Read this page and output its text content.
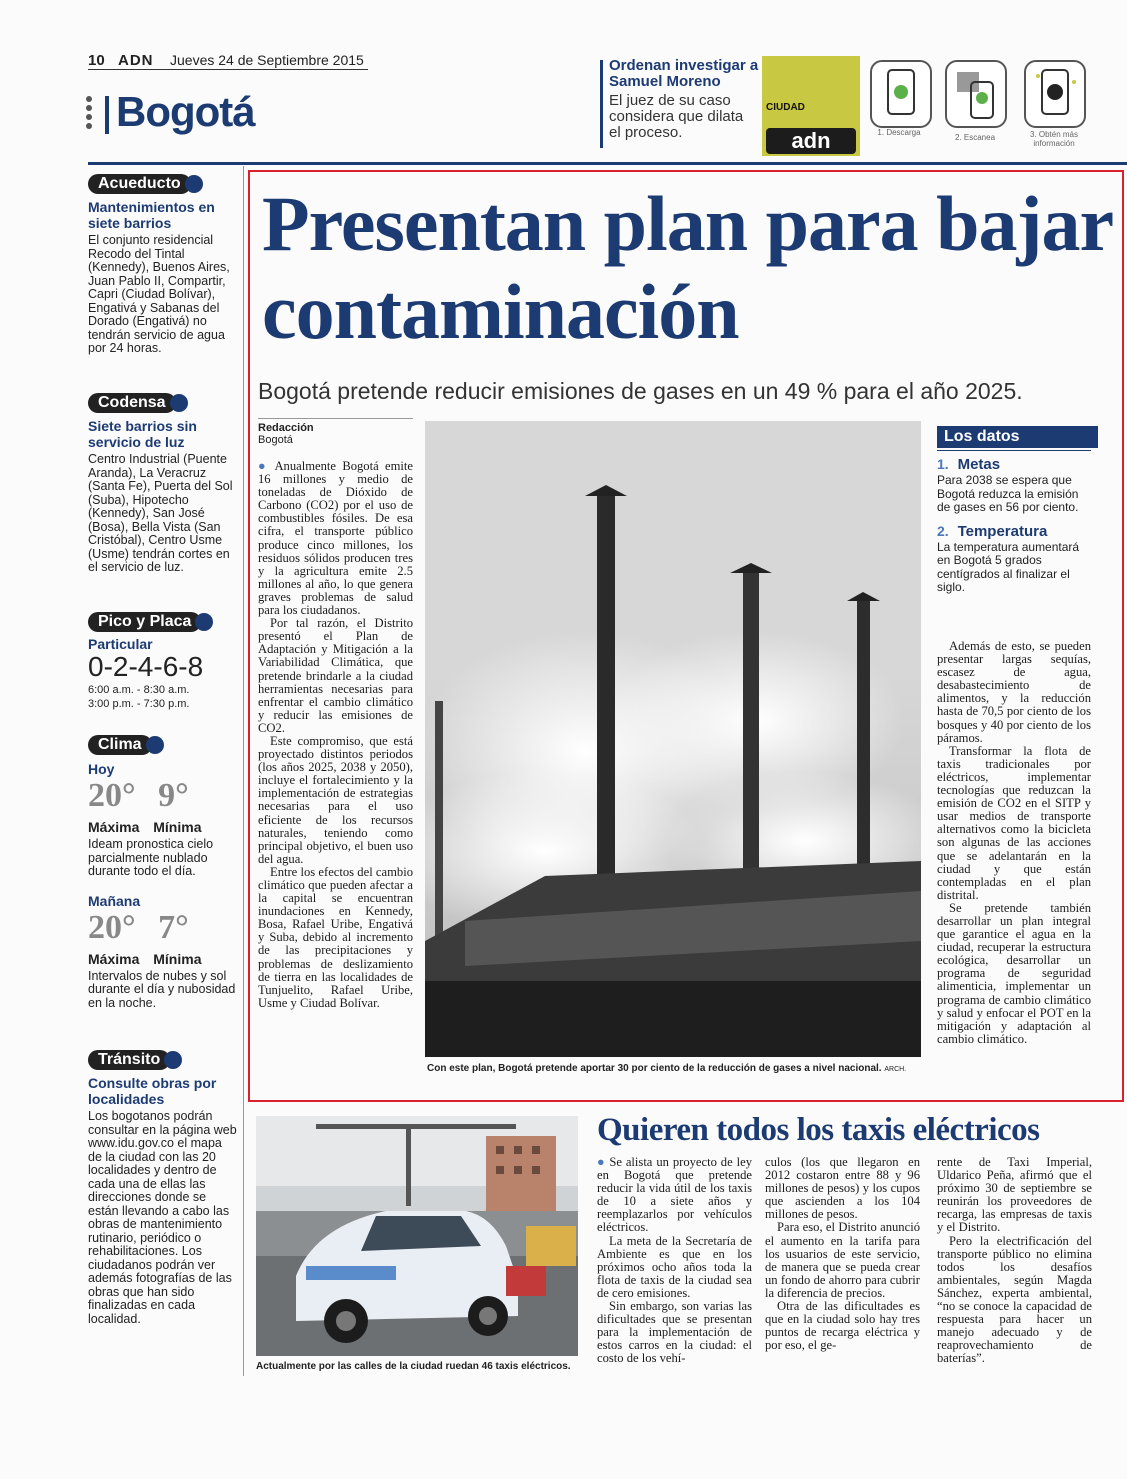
10 ADN Jueves 24 de Septiembre 2015
Bogotá
Ordenan investigar a Samuel Moreno
El juez de su caso considera que dilata el proceso.
CIUDAD
adn	1. Descarga
2. Escanea	3. Obtén más información
Acueducto
Mantenimientos en siete barrios
El conjunto residencial Recodo del Tintal (Kennedy), Buenos Aires, Juan Pablo II, Compartir, Capri (Ciudad Bolívar), Engativá y Sabanas del Dorado (Engativá) no tendrán servicio de agua por 24 horas.
Codensa
Siete barrios sin servicio de luz
Centro Industrial (Puente Aranda), La Veracruz (Santa Fe), Puerta del Sol (Suba), Hipotecho (Kennedy), San José (Bosa), Bella Vista (San Cristóbal), Centro Usme (Usme) tendrán cortes en el servicio de luz.
Pico y Placa
Particular
0-2-4-6-8
6:00 a.m. - 8:30 a.m.
3:00 p.m. - 7:30 p.m.
Clima
Hoy
20° 9°
Máxima Mínima
Ideam pronostica cielo parcialmente nublado durante todo el día.
Mañana
20° 7°
Máxima Mínima
Intervalos de nubes y sol durante el día y nubosidad en la noche.
Tránsito
Consulte obras por localidades
Los bogotanos podrán consultar en la página web www.idu.gov.co el mapa de la ciudad con las 20 localidades y dentro de cada una de ellas las direcciones donde se están llevando a cabo las obras de mantenimiento rutinario, periódico o rehabilitaciones. Los ciudadanos podrán ver además fotografías de las obras que han sido finalizadas en cada localidad.
Presentan plan para bajar contaminación
Bogotá pretende reducir emisiones de gases en un 49 % para el año 2025.
Redacción
Bogotá

● Anualmente Bogotá emite 16 millones y medio de toneladas de Dióxido de Carbono (CO2) por el uso de combustibles fósiles. De esa cifra, el transporte público produce cinco millones, los residuos sólidos producen tres y la agricultura emite 2.5 millones al año, lo que genera graves problemas de salud para los ciudadanos.

Por tal razón, el Distrito presentó el Plan de Adaptación y Mitigación a la Variabilidad Climática, que pretende brindarle a la ciudad herramientas necesarias para enfrentar el cambio climático y reducir las emisiones de CO2.

Este compromiso, que está proyectado distintos periodos (los años 2025, 2038 y 2050), incluye el fortalecimiento y la implementación de estrategias necesarias para el uso eficiente de los recursos naturales, teniendo como principal objetivo, el buen uso del agua.

Entre los efectos del cambio climático que pueden afectar a la capital se encuentran inundaciones en Kennedy, Bosa, Rafael Uribe, Engativá y Suba, debido al incremento de las precipitaciones y problemas de deslizamiento de tierra en las localidades de Tunjuelito, Rafael Uribe, Usme y Ciudad Bolívar.

Con este plan, Bogotá pretende aportar 30 por ciento de la reducción de gases a nivel nacional. ARCH.
Los datos
1. Metas
Para 2038 se espera que Bogotá reduzca la emisión de gases en 56 por ciento.
2. Temperatura
La temperatura aumentará en Bogotá 5 grados centígrados al finalizar el siglo.

Además de esto, se pueden presentar largas sequías, escasez de agua, desabastecimiento de alimentos, y la reducción hasta de 70,5 por ciento de los bosques y 40 por ciento de los páramos.

Transformar la flota de taxis tradicionales por eléctricos, implementar tecnologías que reduzcan la emisión de CO2 en el SITP y usar medios de transporte alternativos como la bicicleta son algunas de las acciones que se adelantarán en la ciudad y que están contempladas en el plan distrital.

Se pretende también desarrollar un plan integral que garantice el agua en la ciudad, recuperar la estructura ecológica, desarrollar un programa de seguridad alimenticia, implementar un programa de cambio climático y salud y enfocar el POT en la mitigación y adaptación al cambio climático.

Actualmente por las calles de la ciudad ruedan 46 taxis eléctricos.
Quieren todos los taxis eléctricos

● Se alista un proyecto de ley en Bogotá que pretende reducir la vida útil de los taxis de 10 a siete años y reemplazarlos por vehículos eléctricos.

La meta de la Secretaría de Ambiente es que en los próximos ocho años toda la flota de taxis de la ciudad sea de cero emisiones.

Sin embargo, son varias las dificultades que se presentan para la implementación de estos carros en la ciudad: el costo de los vehí-

culos (los que llegaron en 2012 costaron entre 88 y 96 millones de pesos) y los cupos que ascienden a los 104 millones de pesos.

Para eso, el Distrito anunció el aumento en la tarifa para los usuarios de este servicio, de manera que se pueda crear un fondo de ahorro para cubrir la diferencia de precios.

Otra de las dificultades es que en la ciudad solo hay tres puntos de recarga eléctrica y por eso, el ge-

rente de Taxi Imperial, Uldarico Peña, afirmó que el próximo 30 de septiembre se reunirán los proveedores de recarga, las empresas de taxis y el Distrito.

Pero la electrificación del transporte público no elimina todos los desafíos ambientales, según Magda Sánchez, experta ambiental, “no se conoce la capacidad de respuesta para hacer un manejo adecuado y de reaprovechamiento de baterías”.
